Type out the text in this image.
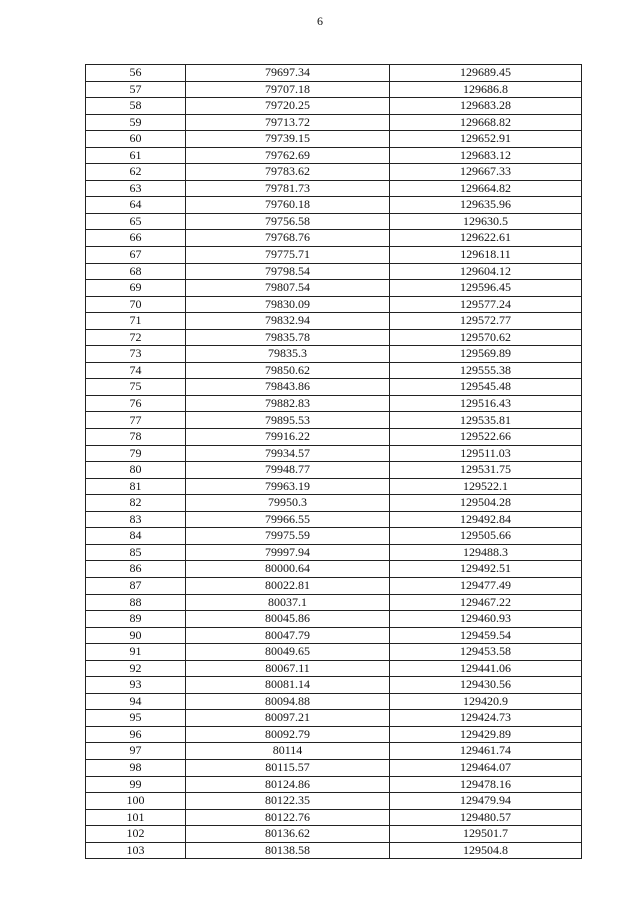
6
56	79697.34	129689.45
57	79707.18	129686.8
58	79720.25	129683.28
59	79713.72	129668.82
60	79739.15	129652.91
61	79762.69	129683.12
62	79783.62	129667.33
63	79781.73	129664.82
64	79760.18	129635.96
65	79756.58	129630.5
66	79768.76	129622.61
67	79775.71	129618.11
68	79798.54	129604.12
69	79807.54	129596.45
70	79830.09	129577.24
71	79832.94	129572.77
72	79835.78	129570.62
73	79835.3	129569.89
74	79850.62	129555.38
75	79843.86	129545.48
76	79882.83	129516.43
77	79895.53	129535.81
78	79916.22	129522.66
79	79934.57	129511.03
80	79948.77	129531.75
81	79963.19	129522.1
82	79950.3	129504.28
83	79966.55	129492.84
84	79975.59	129505.66
85	79997.94	129488.3
86	80000.64	129492.51
87	80022.81	129477.49
88	80037.1	129467.22
89	80045.86	129460.93
90	80047.79	129459.54
91	80049.65	129453.58
92	80067.11	129441.06
93	80081.14	129430.56
94	80094.88	129420.9
95	80097.21	129424.73
96	80092.79	129429.89
97	80114	129461.74
98	80115.57	129464.07
99	80124.86	129478.16
100	80122.35	129479.94
101	80122.76	129480.57
102	80136.62	129501.7
103	80138.58	129504.8
